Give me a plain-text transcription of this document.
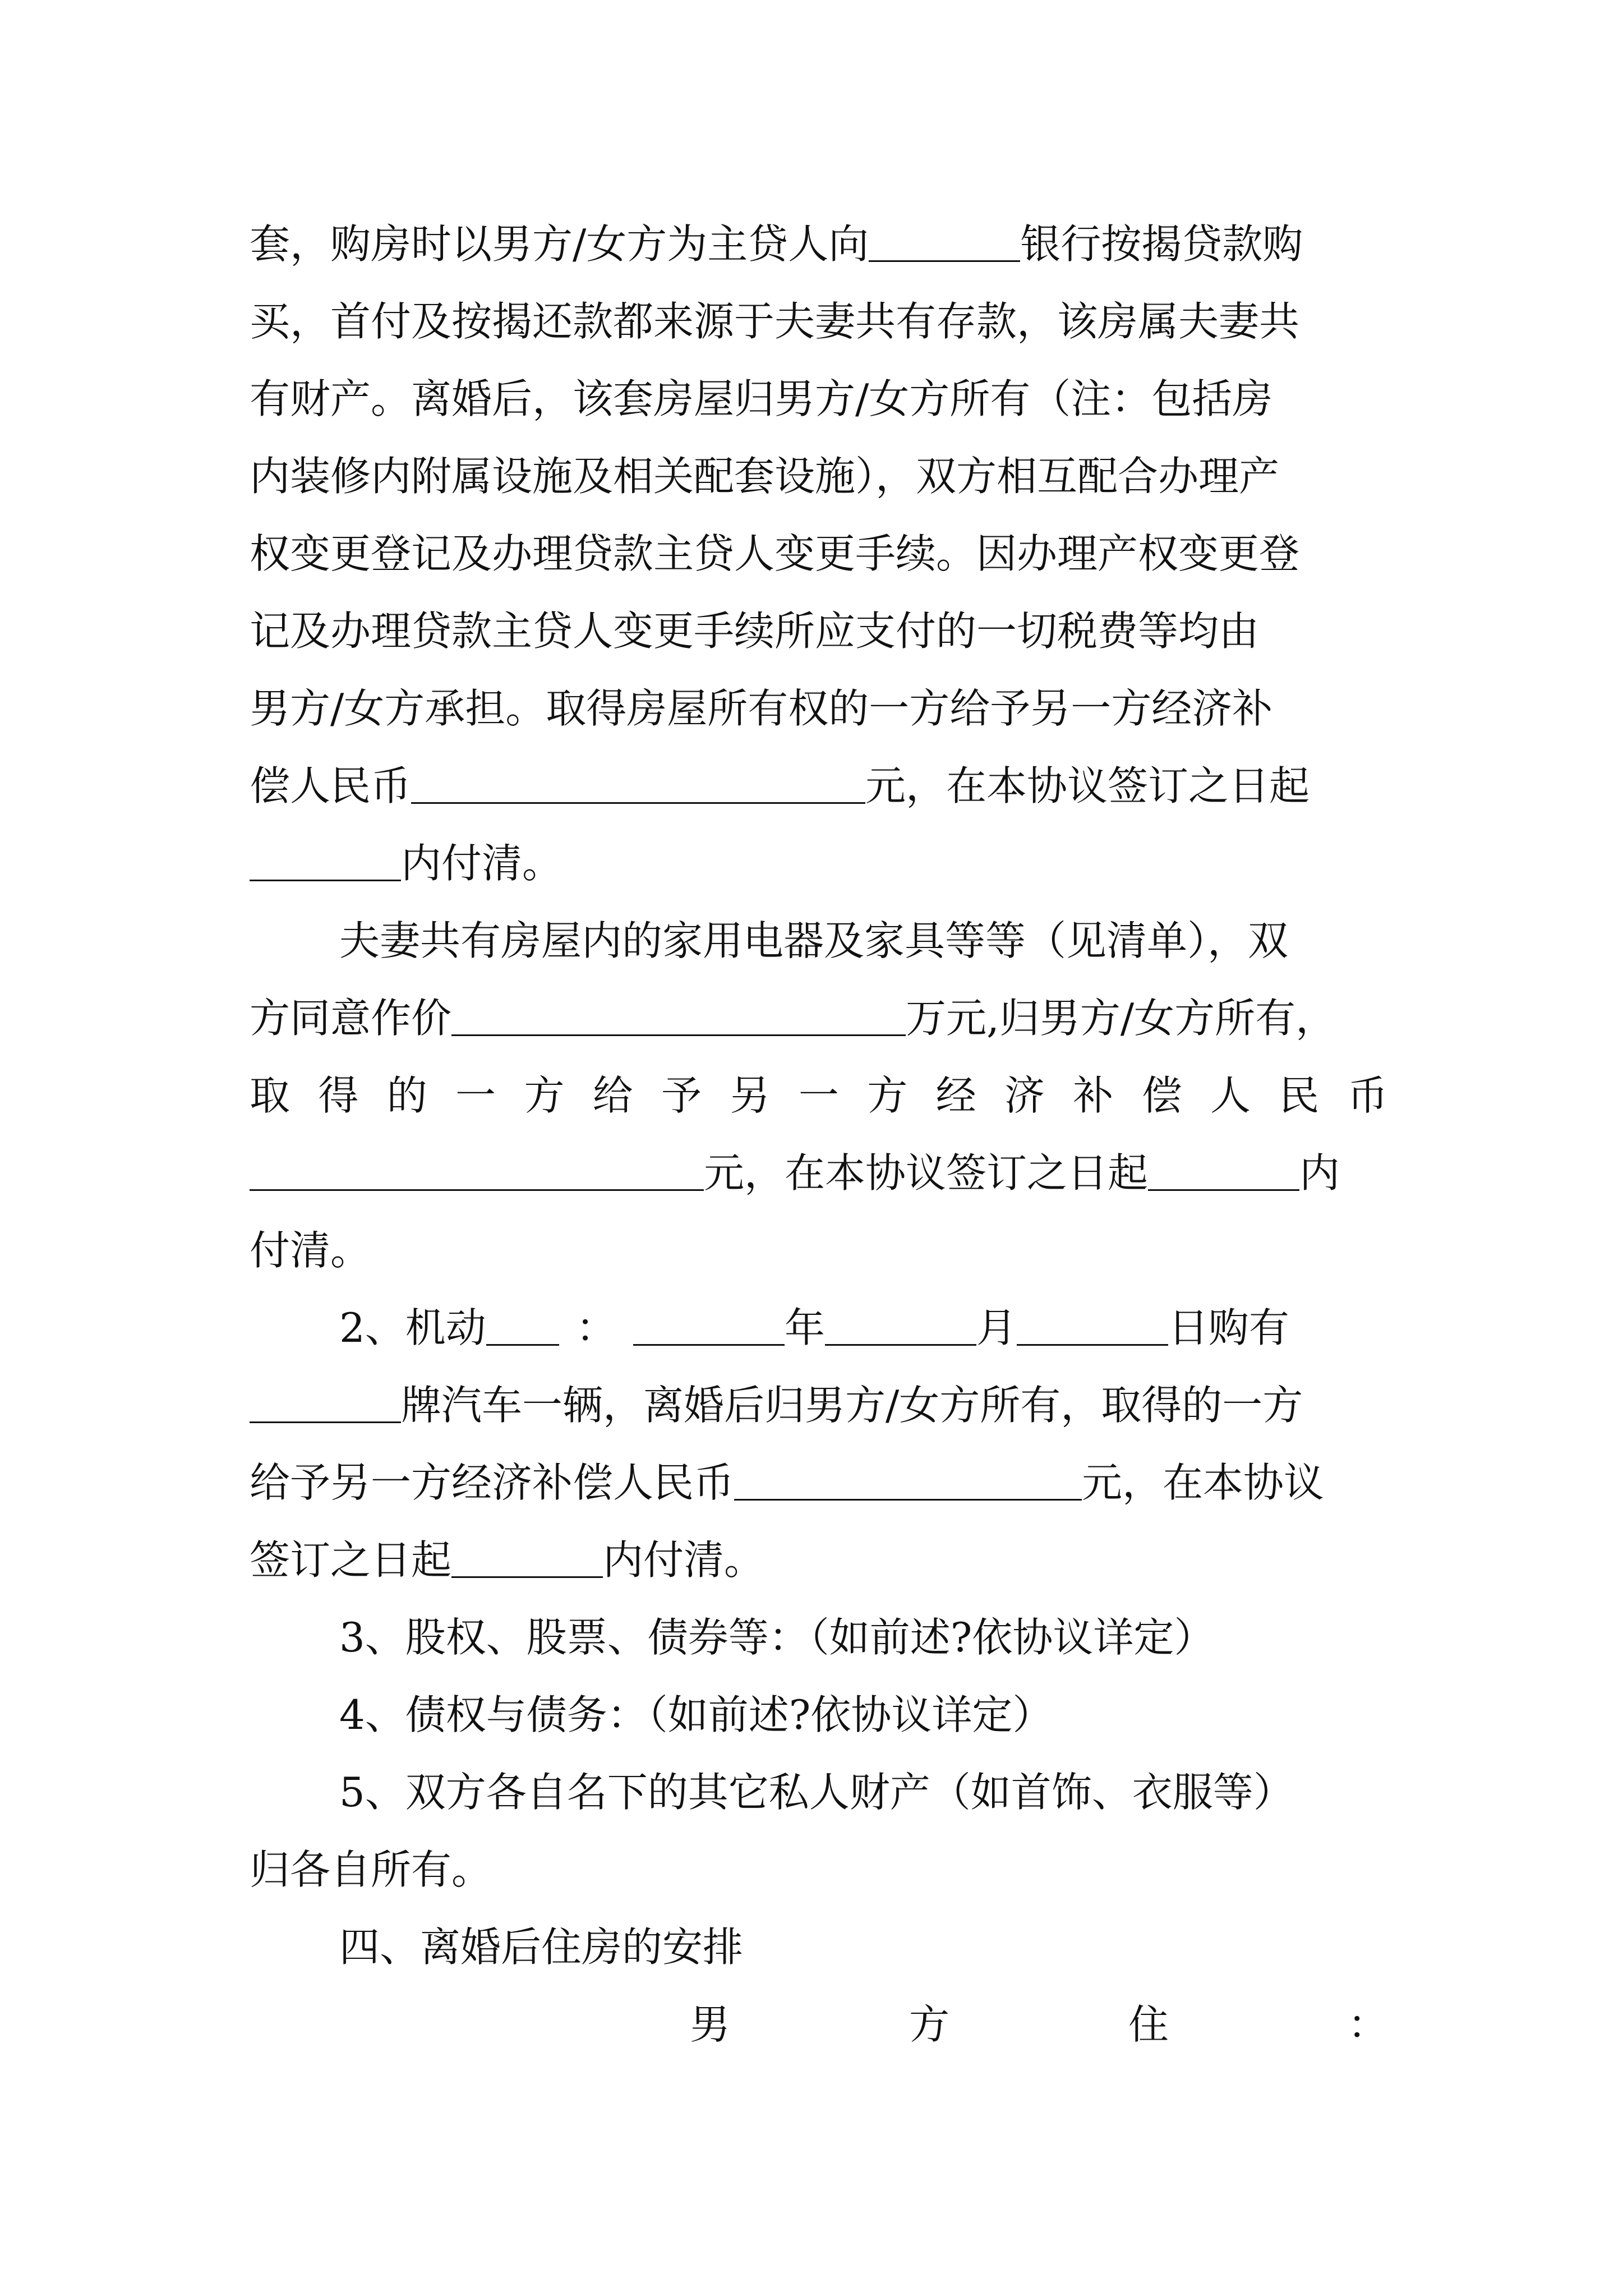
套，购房时以男方/女方为主贷人向	银行按揭贷款购
买，首付及按揭还款都来源于夫妻共有存款，该房属夫妻共
有财产。离婚后，该套房屋归男方/女方所有（注：包括房
内装修内附属设施及相关配套设施），双方相互配合办理产
权变更登记及办理贷款主贷人变更手续。因办理产权变更登
记及办理贷款主贷人变更手续所应支付的一切税费等均由
男方/女方承担。取得房屋所有权的一方给予另一方经济补
偿人民币	元，在本协议签订之日起
内付清。
夫妻共有房屋内的家用电器及家具等等（见清单），双
方同意作价	万元,归男方/女方所有，
取 得 的 一 方 给 予 另 一 方 经 济 补 偿 人 民 币
元，在本协议签订之日起	内
付清。
2、机动 ：	年	月	日购有
牌汽车一辆，离婚后归男方/女方所有，取得的一方
给予另一方经济补偿人民币	元，在本协议
签订之日起	内付清。
3、股权、股票、债券等：（如前述?依协议详定）
4、债权与债务：（如前述?依协议详定）
5、双方各自名下的其它私人财产（如首饰、衣服等）
归各自所有。
四、离婚后住房的安排
男	方	住	：
